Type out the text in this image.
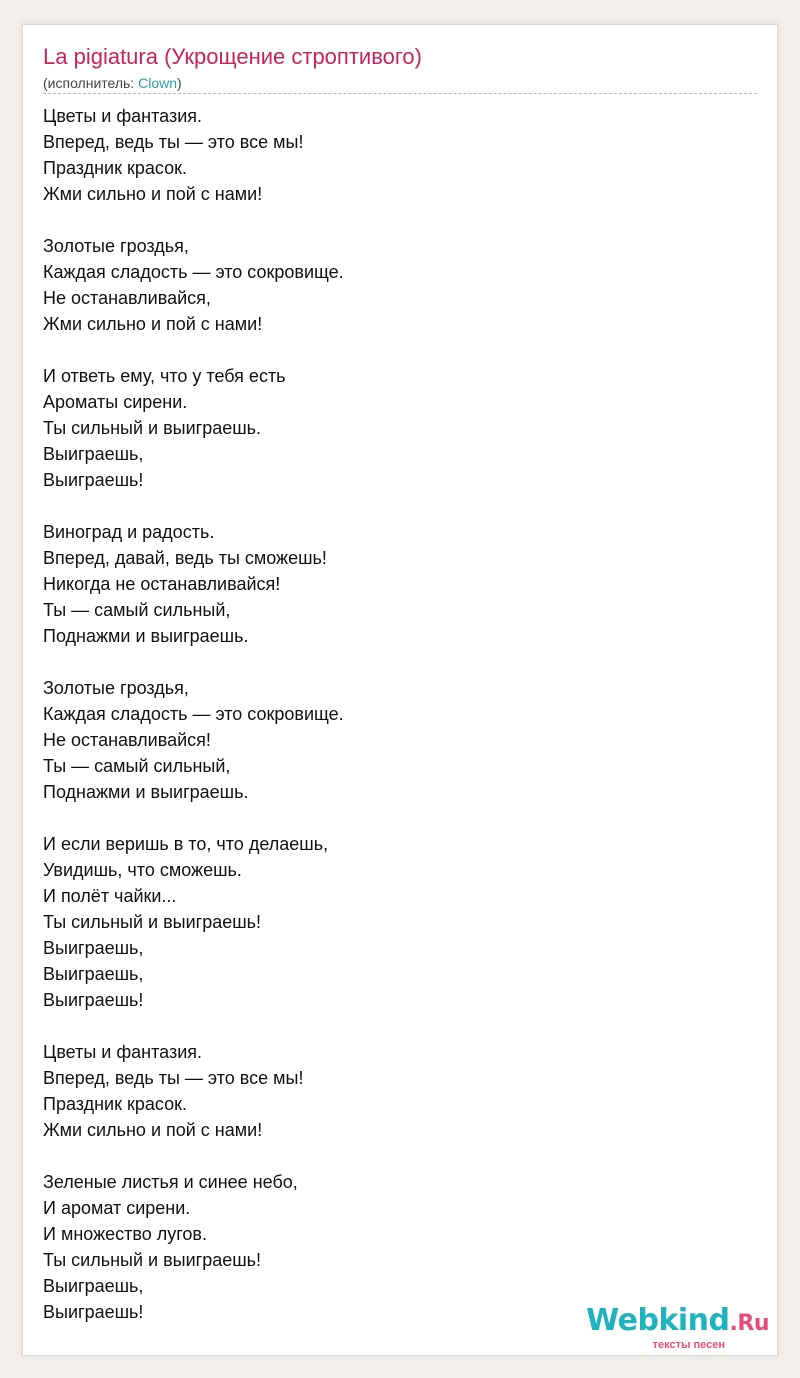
La pigiatura (Укрощение строптивого)
(исполнитель: Clown)
Цветы и фантазия.
Вперед, ведь ты — это все мы!
Праздник красок.
Жми сильно и пой с нами!
Золотые гроздья,
Каждая сладость — это сокровище.
Не останавливайся,
Жми сильно и пой с нами!
И ответь ему, что у тебя есть
Ароматы сирени.
Ты сильный и выиграешь.
Выиграешь,
Выиграешь!
Виноград и радость.
Вперед, давай, ведь ты сможешь!
Никогда не останавливайся!
Ты — самый сильный,
Поднажми и выиграешь.
Золотые гроздья,
Каждая сладость — это сокровище.
Не останавливайся!
Ты — самый сильный,
Поднажми и выиграешь.
И если веришь в то, что делаешь,
Увидишь, что сможешь.
И полёт чайки...
Ты сильный и выиграешь!
Выиграешь,
Выиграешь,
Выиграешь!
Цветы и фантазия.
Вперед, ведь ты — это все мы!
Праздник красок.
Жми сильно и пой с нами!
Зеленые листья и синее небо,
И аромат сирени.
И множество лугов.
Ты сильный и выиграешь!
Выиграешь,
Выиграешь!	Webkind.Ru
тексты песен
